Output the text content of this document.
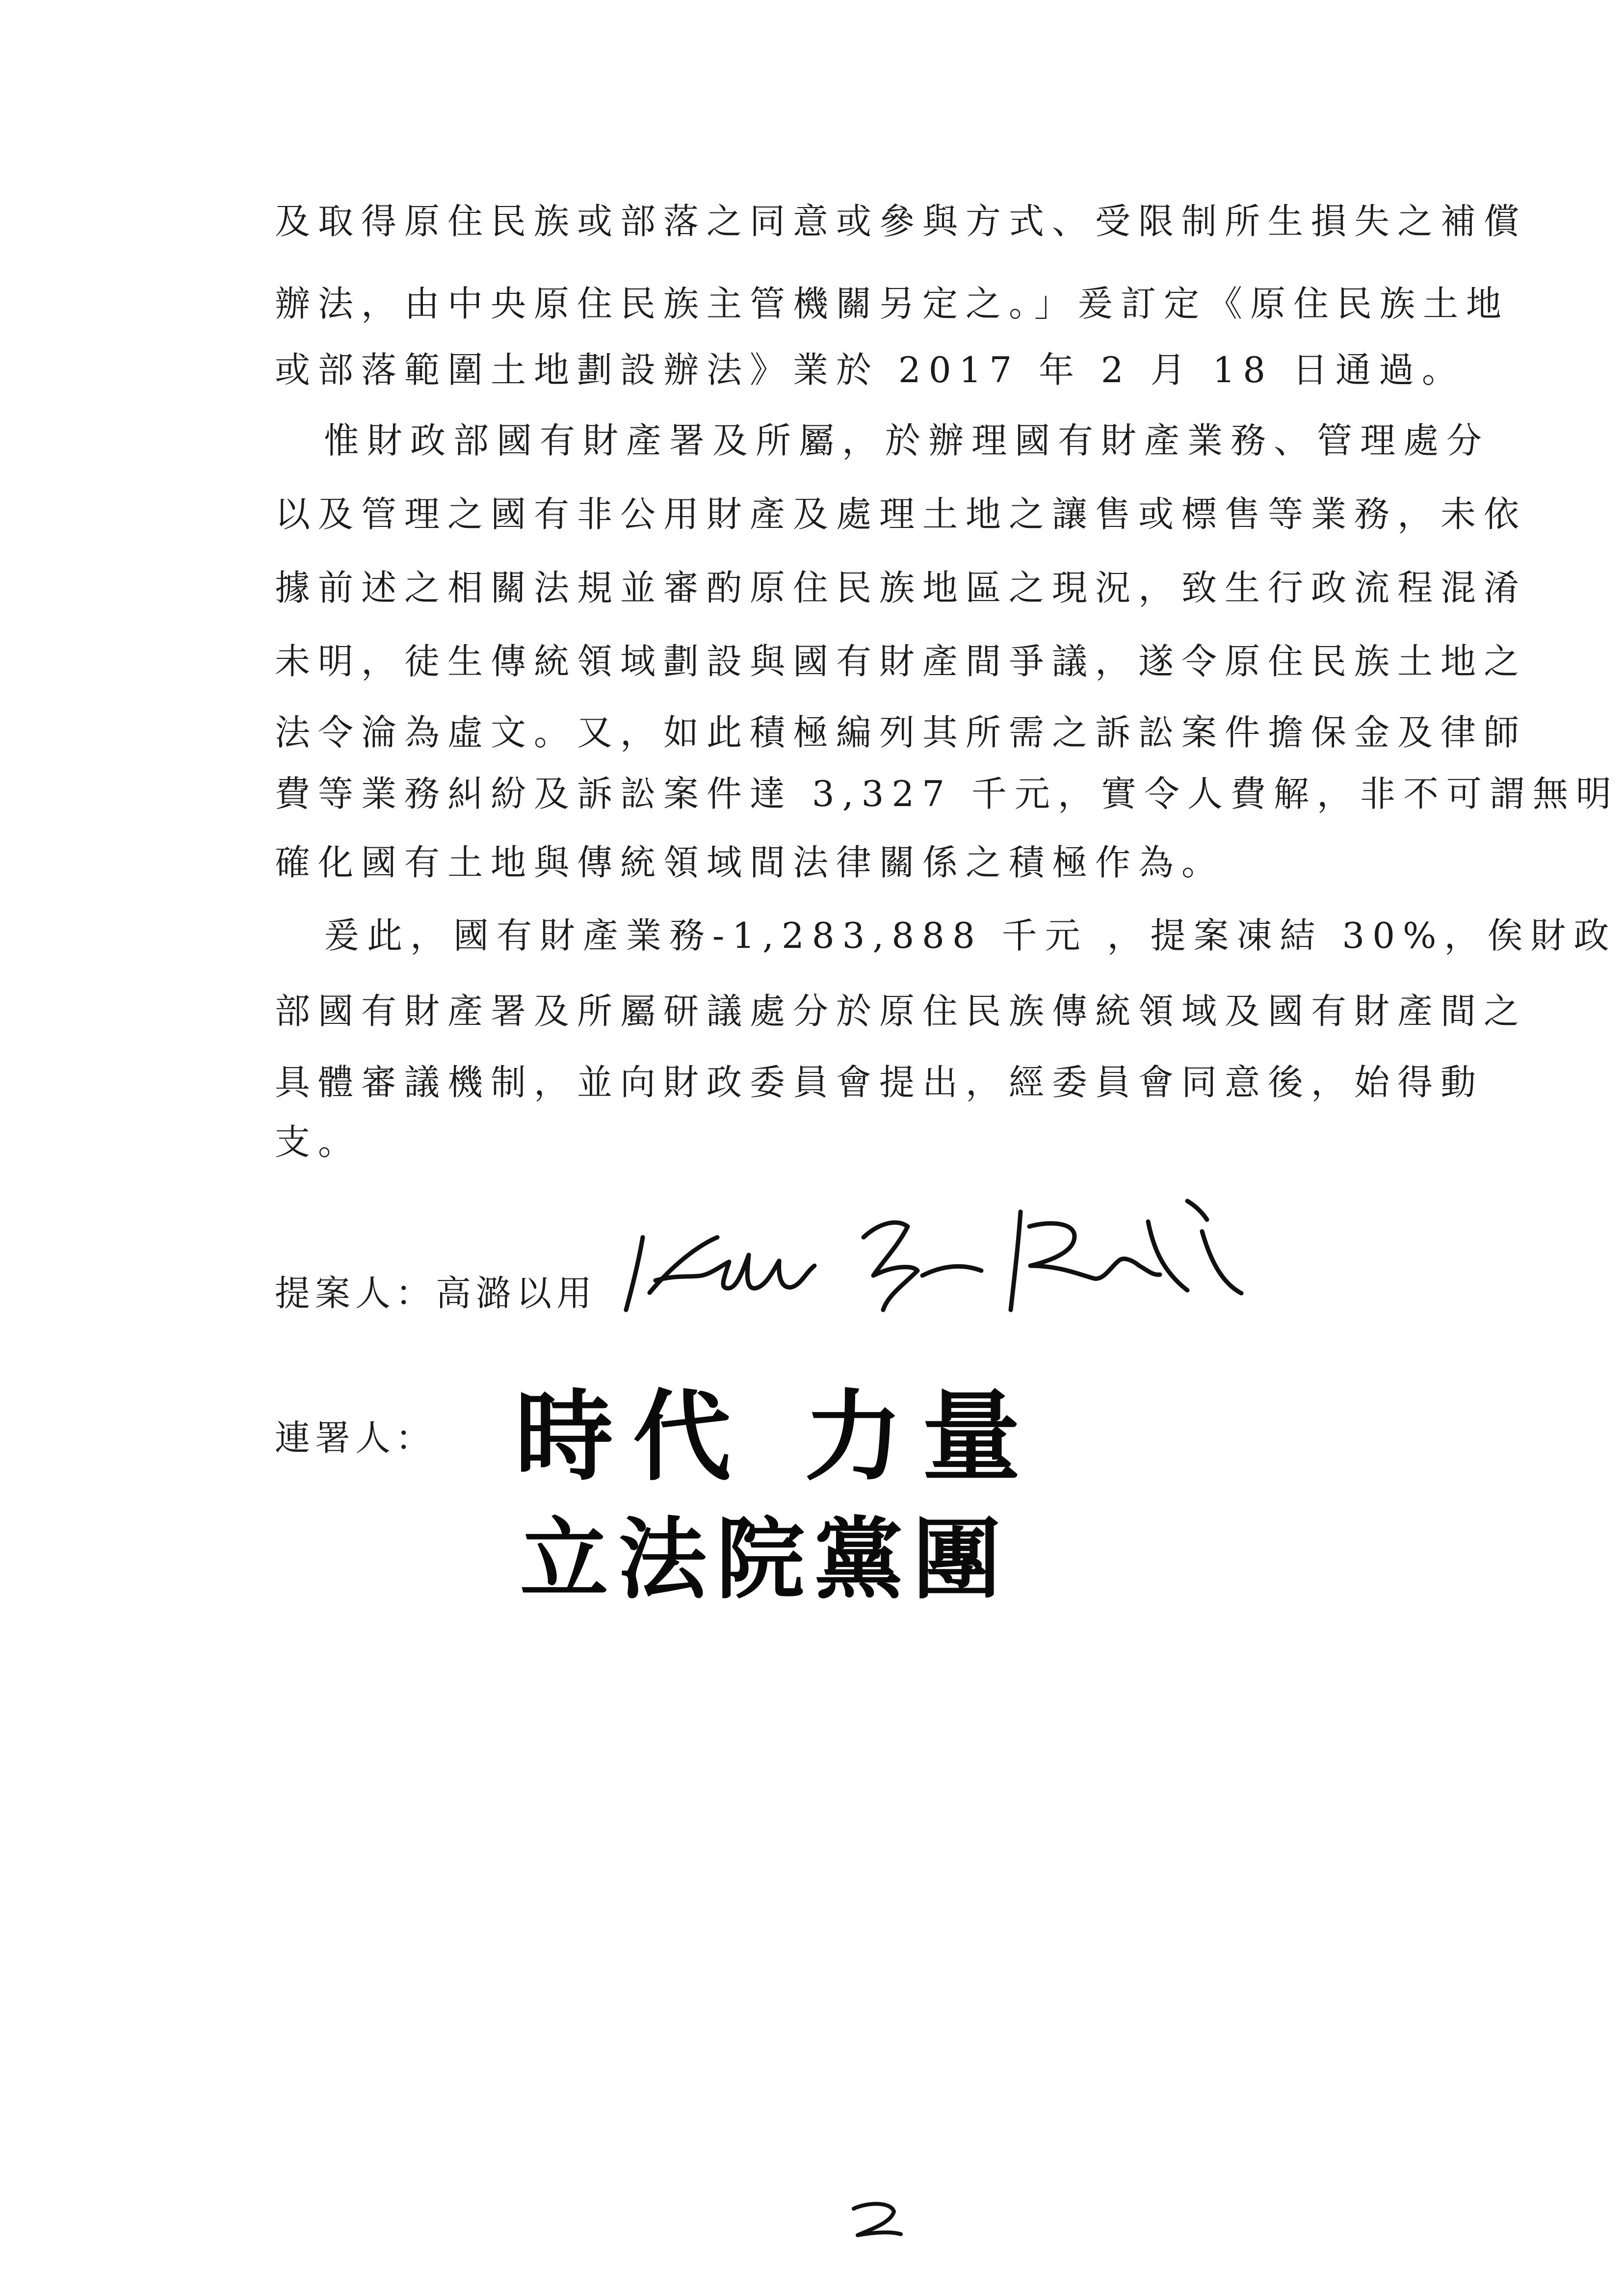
及取得原住民族或部落之同意或參與方式、受限制所生損失之補償
辦法，由中央原住民族主管機關另定之。」爰訂定《原住民族土地
或部落範圍土地劃設辦法》業於 2017 年 2 月 18 日通過。
惟財政部國有財產署及所屬，於辦理國有財產業務、管理處分
以及管理之國有非公用財產及處理土地之讓售或標售等業務，未依
據前述之相關法規並審酌原住民族地區之現況，致生行政流程混淆
未明，徒生傳統領域劃設與國有財產間爭議，遂令原住民族土地之
法令淪為虛文。又，如此積極編列其所需之訴訟案件擔保金及律師
費等業務糾紛及訴訟案件達 3,327 千元，實令人費解，非不可謂無明
確化國有土地與傳統領域間法律關係之積極作為。
爰此，國有財產業務-1,283,888 千元 ，提案凍結 30%，俟財政
部國有財產署及所屬研議處分於原住民族傳統領域及國有財產間之
具體審議機制，並向財政委員會提出，經委員會同意後，始得動
支。
提案人：高潞以用
連署人： 時代 力量
立法院黨團
